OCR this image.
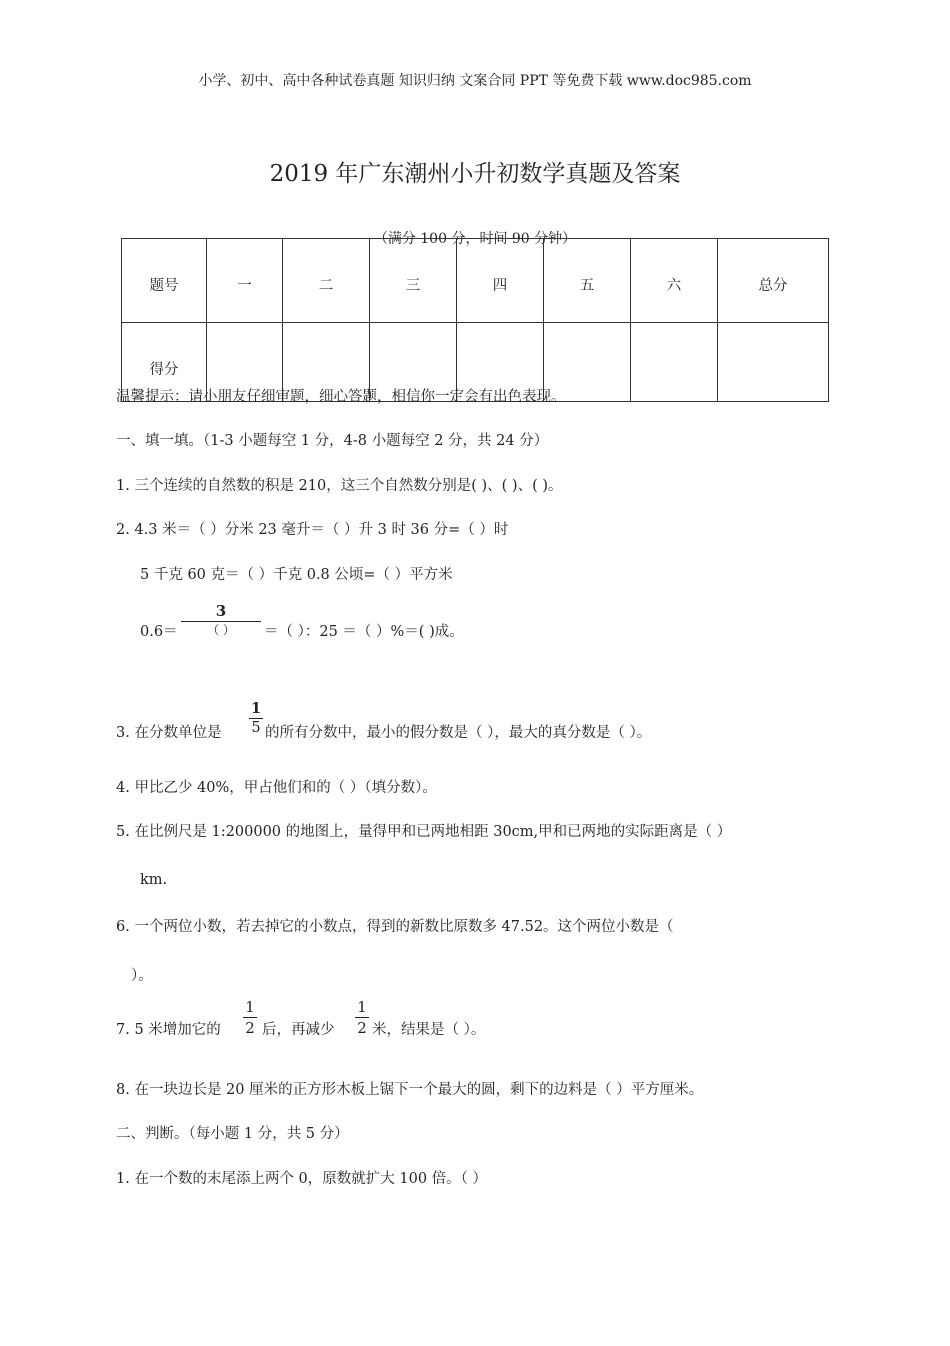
小学、初中、高中各种试卷真题 知识归纳 文案合同 PPT 等免费下载 www.doc985.com
2019 年广东潮州小升初数学真题及答案
（满分 100 分，时间 90 分钟）
题号	一	二	三	四	五	六	总分
得分							
温馨提示：请小朋友仔细审题，细心答题，相信你一定会有出色表现。
一、填一填。（1-3 小题每空 1 分，4-8 小题每空 2 分，共 24 分）
1. 三个连续的自然数的积是 210，这三个自然数分别是( )、( )、( )。
2. 4.3 米＝（ ）分米 23 毫升＝（ ）升 3 时 36 分=（ ）时
5 千克 60 克＝（ ）千克 0.8 公顷=（ ）平方米
0.6＝
3
（ ）	＝（ ）：25 ＝（ ）%＝( )成。
3. 在分数单位是 $\frac{1}{5}$ 的所有分数中，最小的假分数是（ ），最大的真分数是（ ）。
4. 甲比乙少 40%，甲占他们和的（ ）（填分数）。
5. 在比例尺是 1:200000 的地图上，量得甲和已两地相距 30cm,甲和已两地的实际距离是（ ）
km.
6. 一个两位小数，若去掉它的小数点，得到的新数比原数多 47.52。这个两位小数是（
）。
7. 5 米增加它的 $\frac{1}{2}$ 后，再减少 $\frac{1}{2}$ 米，结果是（ ）。
8. 在一块边长是 20 厘米的正方形木板上锯下一个最大的圆，剩下的边料是（ ）平方厘米。
二、判断。（每小题 1 分，共 5 分）
1. 在一个数的末尾添上两个 0，原数就扩大 100 倍。（ ）
